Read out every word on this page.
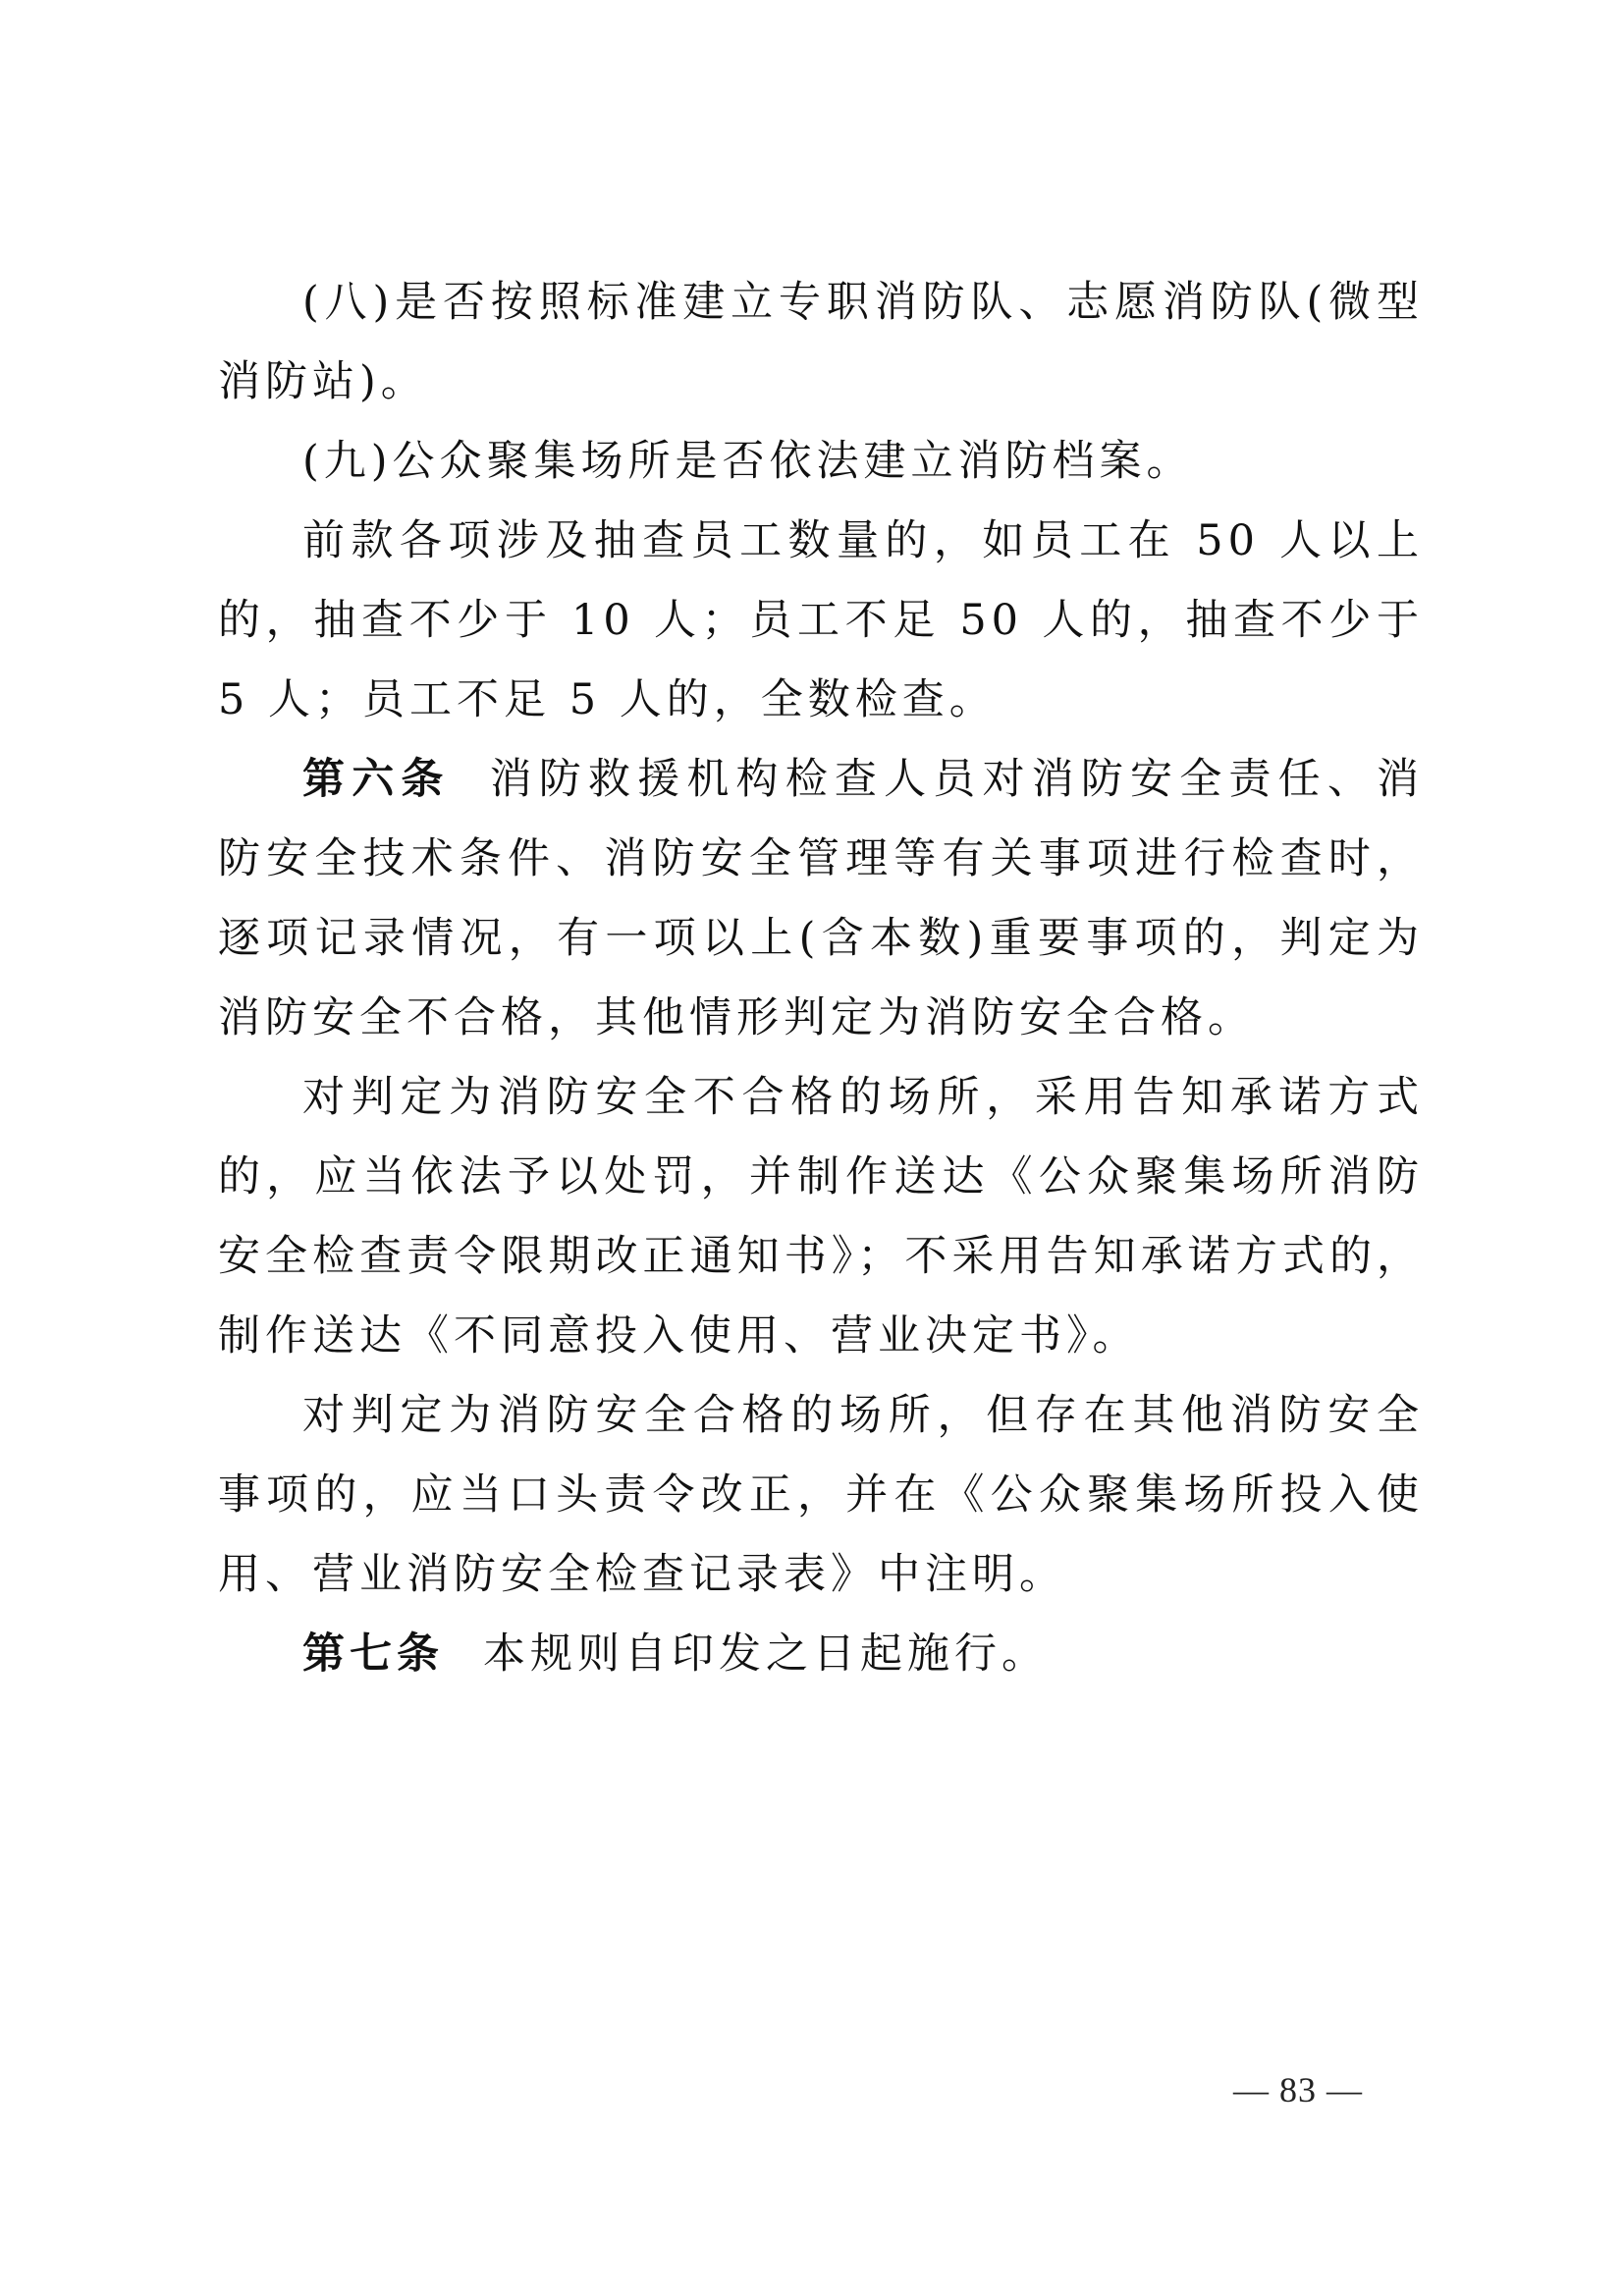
(八)是否按照标准建立专职消防队、志愿消防队(微型消防站)。

(九)公众聚集场所是否依法建立消防档案。

前款各项涉及抽查员工数量的，如员工在 50 人以上的，抽查不少于 10 人；员工不足 50 人的，抽查不少于 5 人；员工不足 5 人的，全数检查。

第六条 消防救援机构检查人员对消防安全责任、消防安全技术条件、消防安全管理等有关事项进行检查时，逐项记录情况，有一项以上(含本数)重要事项的，判定为消防安全不合格，其他情形判定为消防安全合格。

对判定为消防安全不合格的场所，采用告知承诺方式的，应当依法予以处罚，并制作送达《公众聚集场所消防安全检查责令限期改正通知书》；不采用告知承诺方式的，制作送达《不同意投入使用、营业决定书》。

对判定为消防安全合格的场所，但存在其他消防安全事项的，应当口头责令改正，并在《公众聚集场所投入使用、营业消防安全检查记录表》中注明。

第七条 本规则自印发之日起施行。

— 83 —
